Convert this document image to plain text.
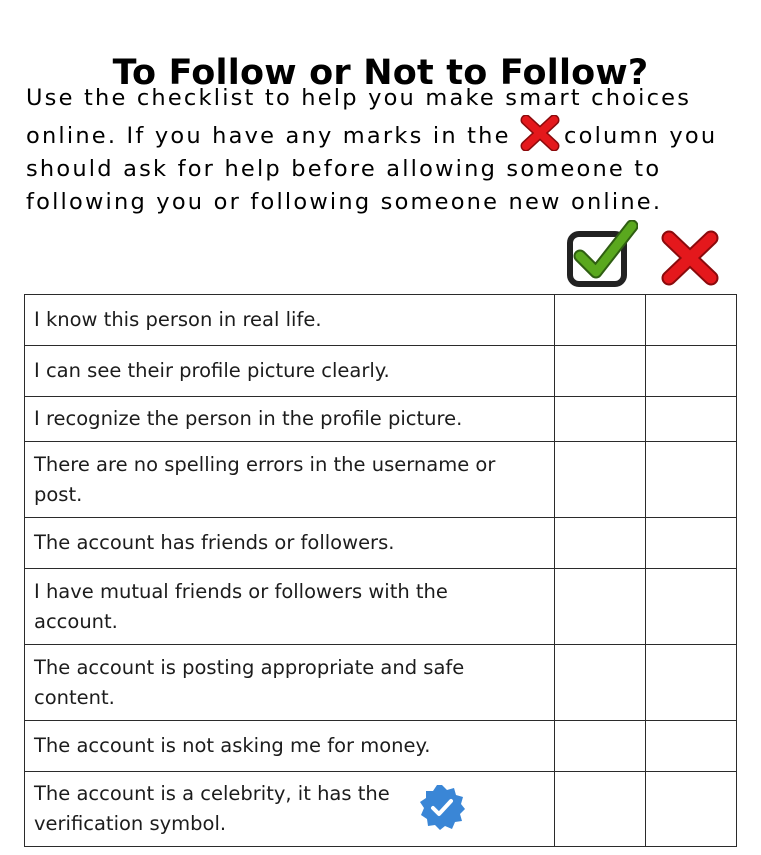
To Follow or Not to Follow?
Use the checklist to help you make smart choices
online. If you have any marks in the column you
should ask for help before allowing someone to
following you or following someone new online.
I know this person in real life.		
I can see their profile picture clearly.		
I recognize the person in the profile picture.		
There are no spelling errors in the username or
post.		
The account has friends or followers.		
I have mutual friends or followers with the
account.		
The account is posting appropriate and safe
content.		
The account is not asking me for money.		
The account is a celebrity, it has the
verification symbol.
